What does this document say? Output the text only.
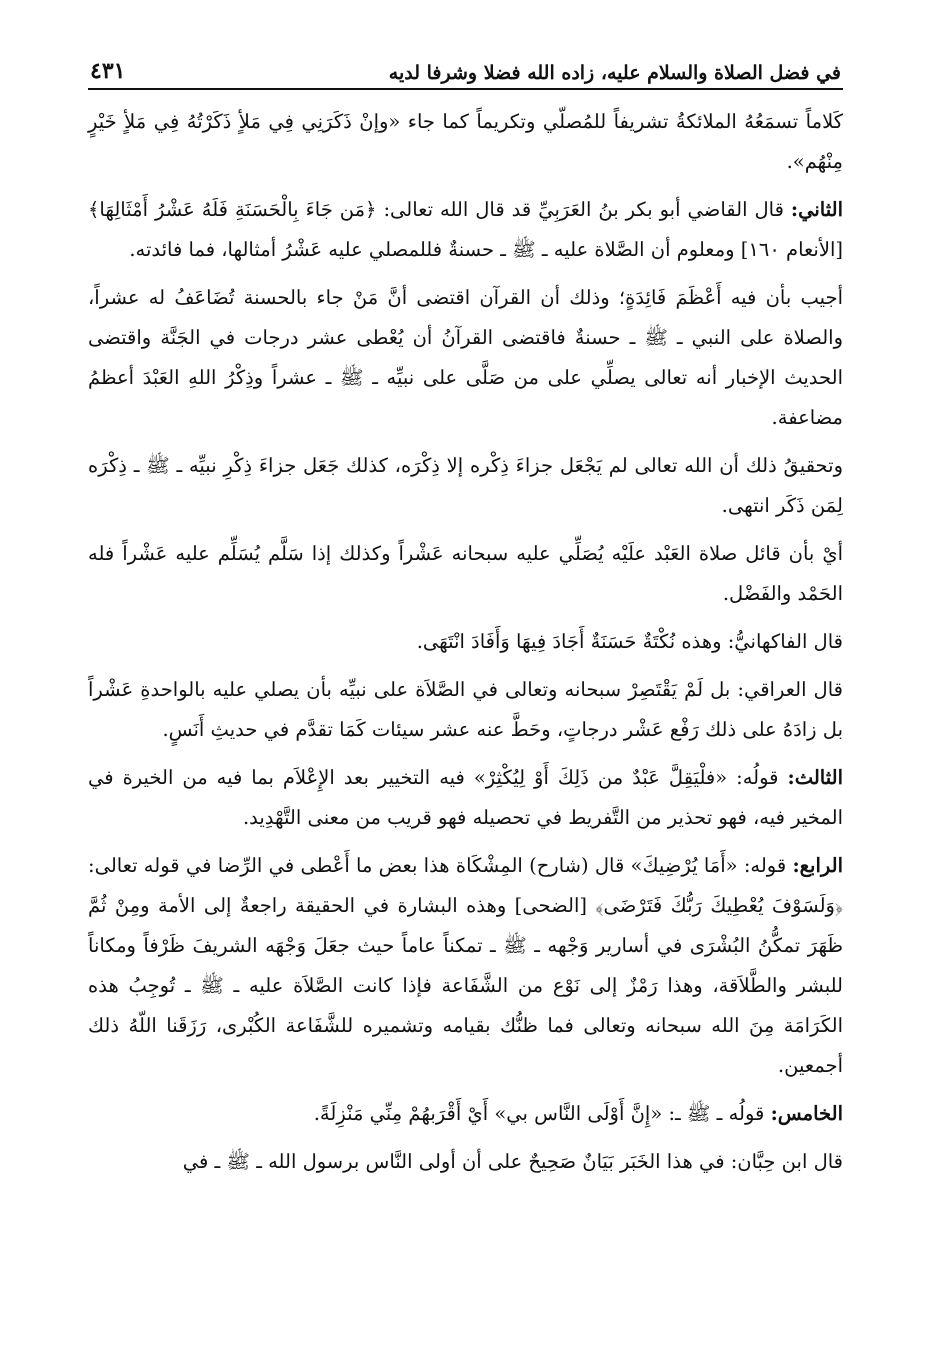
في فضل الصلاة والسلام عليه، زاده الله فضلا وشرفا لديه
٤٣١

كَلاماً تسمَعُهُ الملائكةُ تشريفاً للمُصلّي وتكريماً كما جاء «وإنْ ذَكَرَنِي فِي مَلأٍ ذَكَرْتُهُ فِي مَلأٍ خَيْرٍ مِنْهُم».

الثاني: قال القاضي أبو بكر بنُ العَرَبِيِّ قد قال الله تعالى: ﴿مَن جَاءَ بِالْحَسَنَةِ فَلَهُ عَشْرُ أَمْثَالِهَا﴾ [الأنعام ١٦٠] ومعلوم أن الصَّلاة عليه ـ ﷺ ـ حسنةٌ فللمصلي عليه عَشْرُ أمثالها، فما فائدته.

أجيب بأن فيه أَعْظَمَ فَائِدَةٍ؛ وذلك أن القرآن اقتضى أنَّ مَنْ جاء بالحسنة تُضَاعَفُ له عشراً، والصلاة على النبي ـ ﷺ ـ حسنةٌ فاقتضى القرآنُ أن يُعْطى عشر درجات في الجَنَّة واقتضى الحديث الإخبار أنه تعالى يصلِّي على من صَلَّى على نبيِّه ـ ﷺ ـ عشراً وذِكْرُ اللهِ العَبْدَ أعظمُ مضاعفة.

وتحقيقُ ذلك أن الله تعالى لم يَجْعَل جزاءَ ذِكْره إلا ذِكْرَه، كذلك جَعَل جزاءَ ذِكْرِ نبيِّه ـ ﷺ ـ ذِكْرَه لِمَن ذَكَر انتهى.

أيْ بأن قائل صلاة العَبْد علَيْه يُصَلِّي عليه سبحانه عَشْراً وكذلك إذا سَلَّم يُسَلِّم عليه عَشْراً فله الحَمْد والفَضْل.

قال الفاكهانيُّ: وهذه نُكْتَةٌ حَسَنَةٌ أَجَادَ فِيهَا وَأَفَادَ انْتَهَى.

قال العراقي: بل لَمْ يَقْتَصِرْ سبحانه وتعالى في الصَّلاَة على نبيِّه بأن يصلي عليه بالواحدةِ عَشْراً بل زادَهُ على ذلك رَفْع عَشْر درجاتٍ، وحَطَّ عنه عشر سيئات كَمَا تقدَّم في حديثِ أَنَسٍ.

الثالث: قولُه: «فلْيَقِلَّ عَبْدٌ من ذَلِكَ أَوْ لِيُكْثِرْ» فيه التخيير بعد الإِعْلاَم بما فيه من الخيرة في المخير فيه، فهو تحذير من التَّفريط في تحصيله فهو قريب من معنى التَّهْدِيد.

الرابع: قوله: «أَمَا يُرْضِيكَ» قال (شارح) المِشْكَاة هذا بعض ما أَعْطى في الرِّضا في قوله تعالى: ﴿وَلَسَوْفَ يُعْطِيكَ رَبُّكَ فَتَرْضَى﴾ [الضحى] وهذه البشارة في الحقيقة راجعةٌ إلى الأمة ومِنْ ثُمَّ ظَهَرَ تمكُّنُ البُشْرَى في أسارير وَجْهه ـ ﷺ ـ تمكناً عاماً حيث جعَلَ وَجْهَه الشريفَ ظَرْفاً ومكاناً للبشر والطَّلاَقة، وهذا رَمْزٌ إلى نَوْع من الشَّفَاعة فإذا كانت الصَّلاَة عليه ـ ﷺ ـ تُوجِبُ هذه الكَرَامَة مِنَ الله سبحانه وتعالى فما ظنُّك بقيامه وتشميره للشَّفَاعة الكُبْرى، رَزَقَنا اللّهُ ذلك أجمعين.

الخامس: قولُه ـ ﷺ ـ: «إِنَّ أَوْلَى النَّاس بي» أَيْ أَقْرَبهُمْ مِنِّي مَنْزِلَةً.

قال ابن حِبَّان: في هذا الخَبَر بَيَانٌ صَحِيحٌ على أن أولى النَّاس برسول الله ـ ﷺ ـ في
